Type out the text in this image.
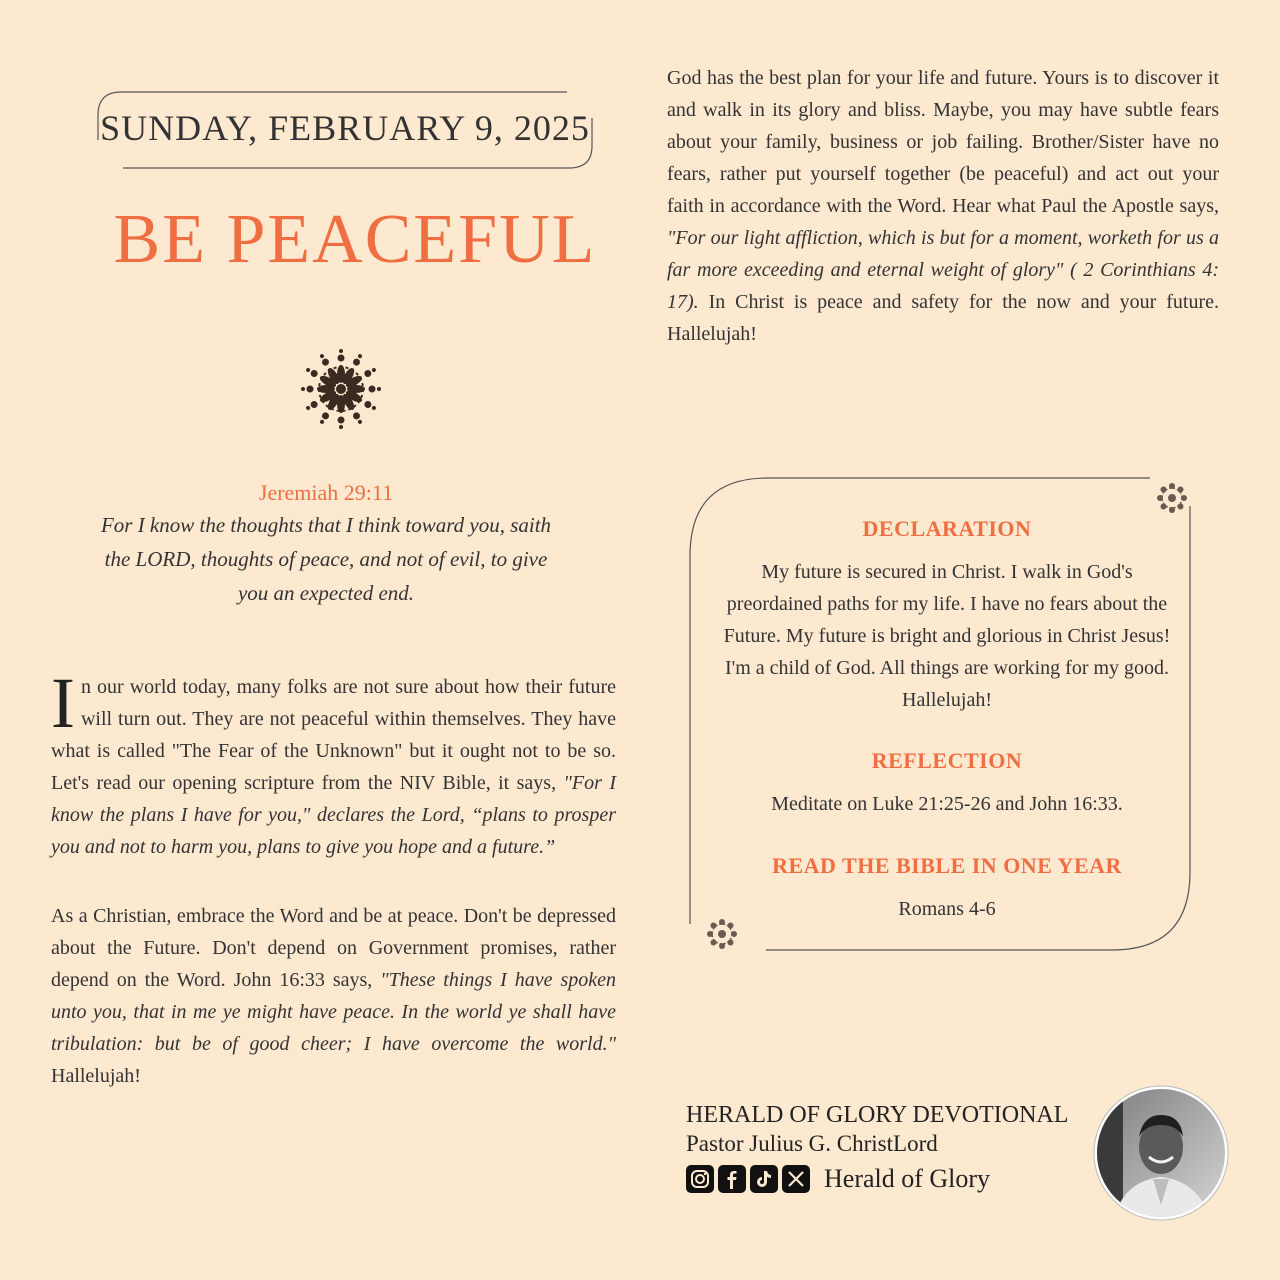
SUNDAY, FEBRUARY 9, 2025
BE PEACEFUL
Jeremiah 29:11
For I know the thoughts that I think toward you, saith the LORD, thoughts of peace, and not of evil, to give you an expected end.
In our world today, many folks are not sure about how their future will turn out. They are not peaceful within themselves. They have what is called "The Fear of the Unknown" but it ought not to be so. Let's read our opening scripture from the NIV Bible, it says, "For I know the plans I have for you," declares the Lord, “plans to prosper you and not to harm you, plans to give you hope and a future.”
As a Christian, embrace the Word and be at peace. Don't be depressed about the Future. Don't depend on Government promises, rather depend on the Word. John 16:33 says, "These things I have spoken unto you, that in me ye might have peace. In the world ye shall have tribulation: but be of good cheer; I have overcome the world." Hallelujah!
God has the best plan for your life and future. Yours is to discover it and walk in its glory and bliss. Maybe, you may have subtle fears about your family, business or job failing. Brother/Sister have no fears, rather put yourself together (be peaceful) and act out your faith in accordance with the Word. Hear what Paul the Apostle says, "For our light affliction, which is but for a moment, worketh for us a far more exceeding and eternal weight of glory" ( 2 Corinthians 4: 17). In Christ is peace and safety for the now and your future. Hallelujah!
DECLARATION
My future is secured in Christ. I walk in God's preordained paths for my life. I have no fears about the Future. My future is bright and glorious in Christ Jesus! I'm a child of God. All things are working for my good. Hallelujah!
REFLECTION
Meditate on Luke 21:25-26 and John 16:33.
READ THE BIBLE IN ONE YEAR
Romans 4-6
HERALD OF GLORY DEVOTIONAL
Pastor Julius G. ChristLord
Herald of Glory
